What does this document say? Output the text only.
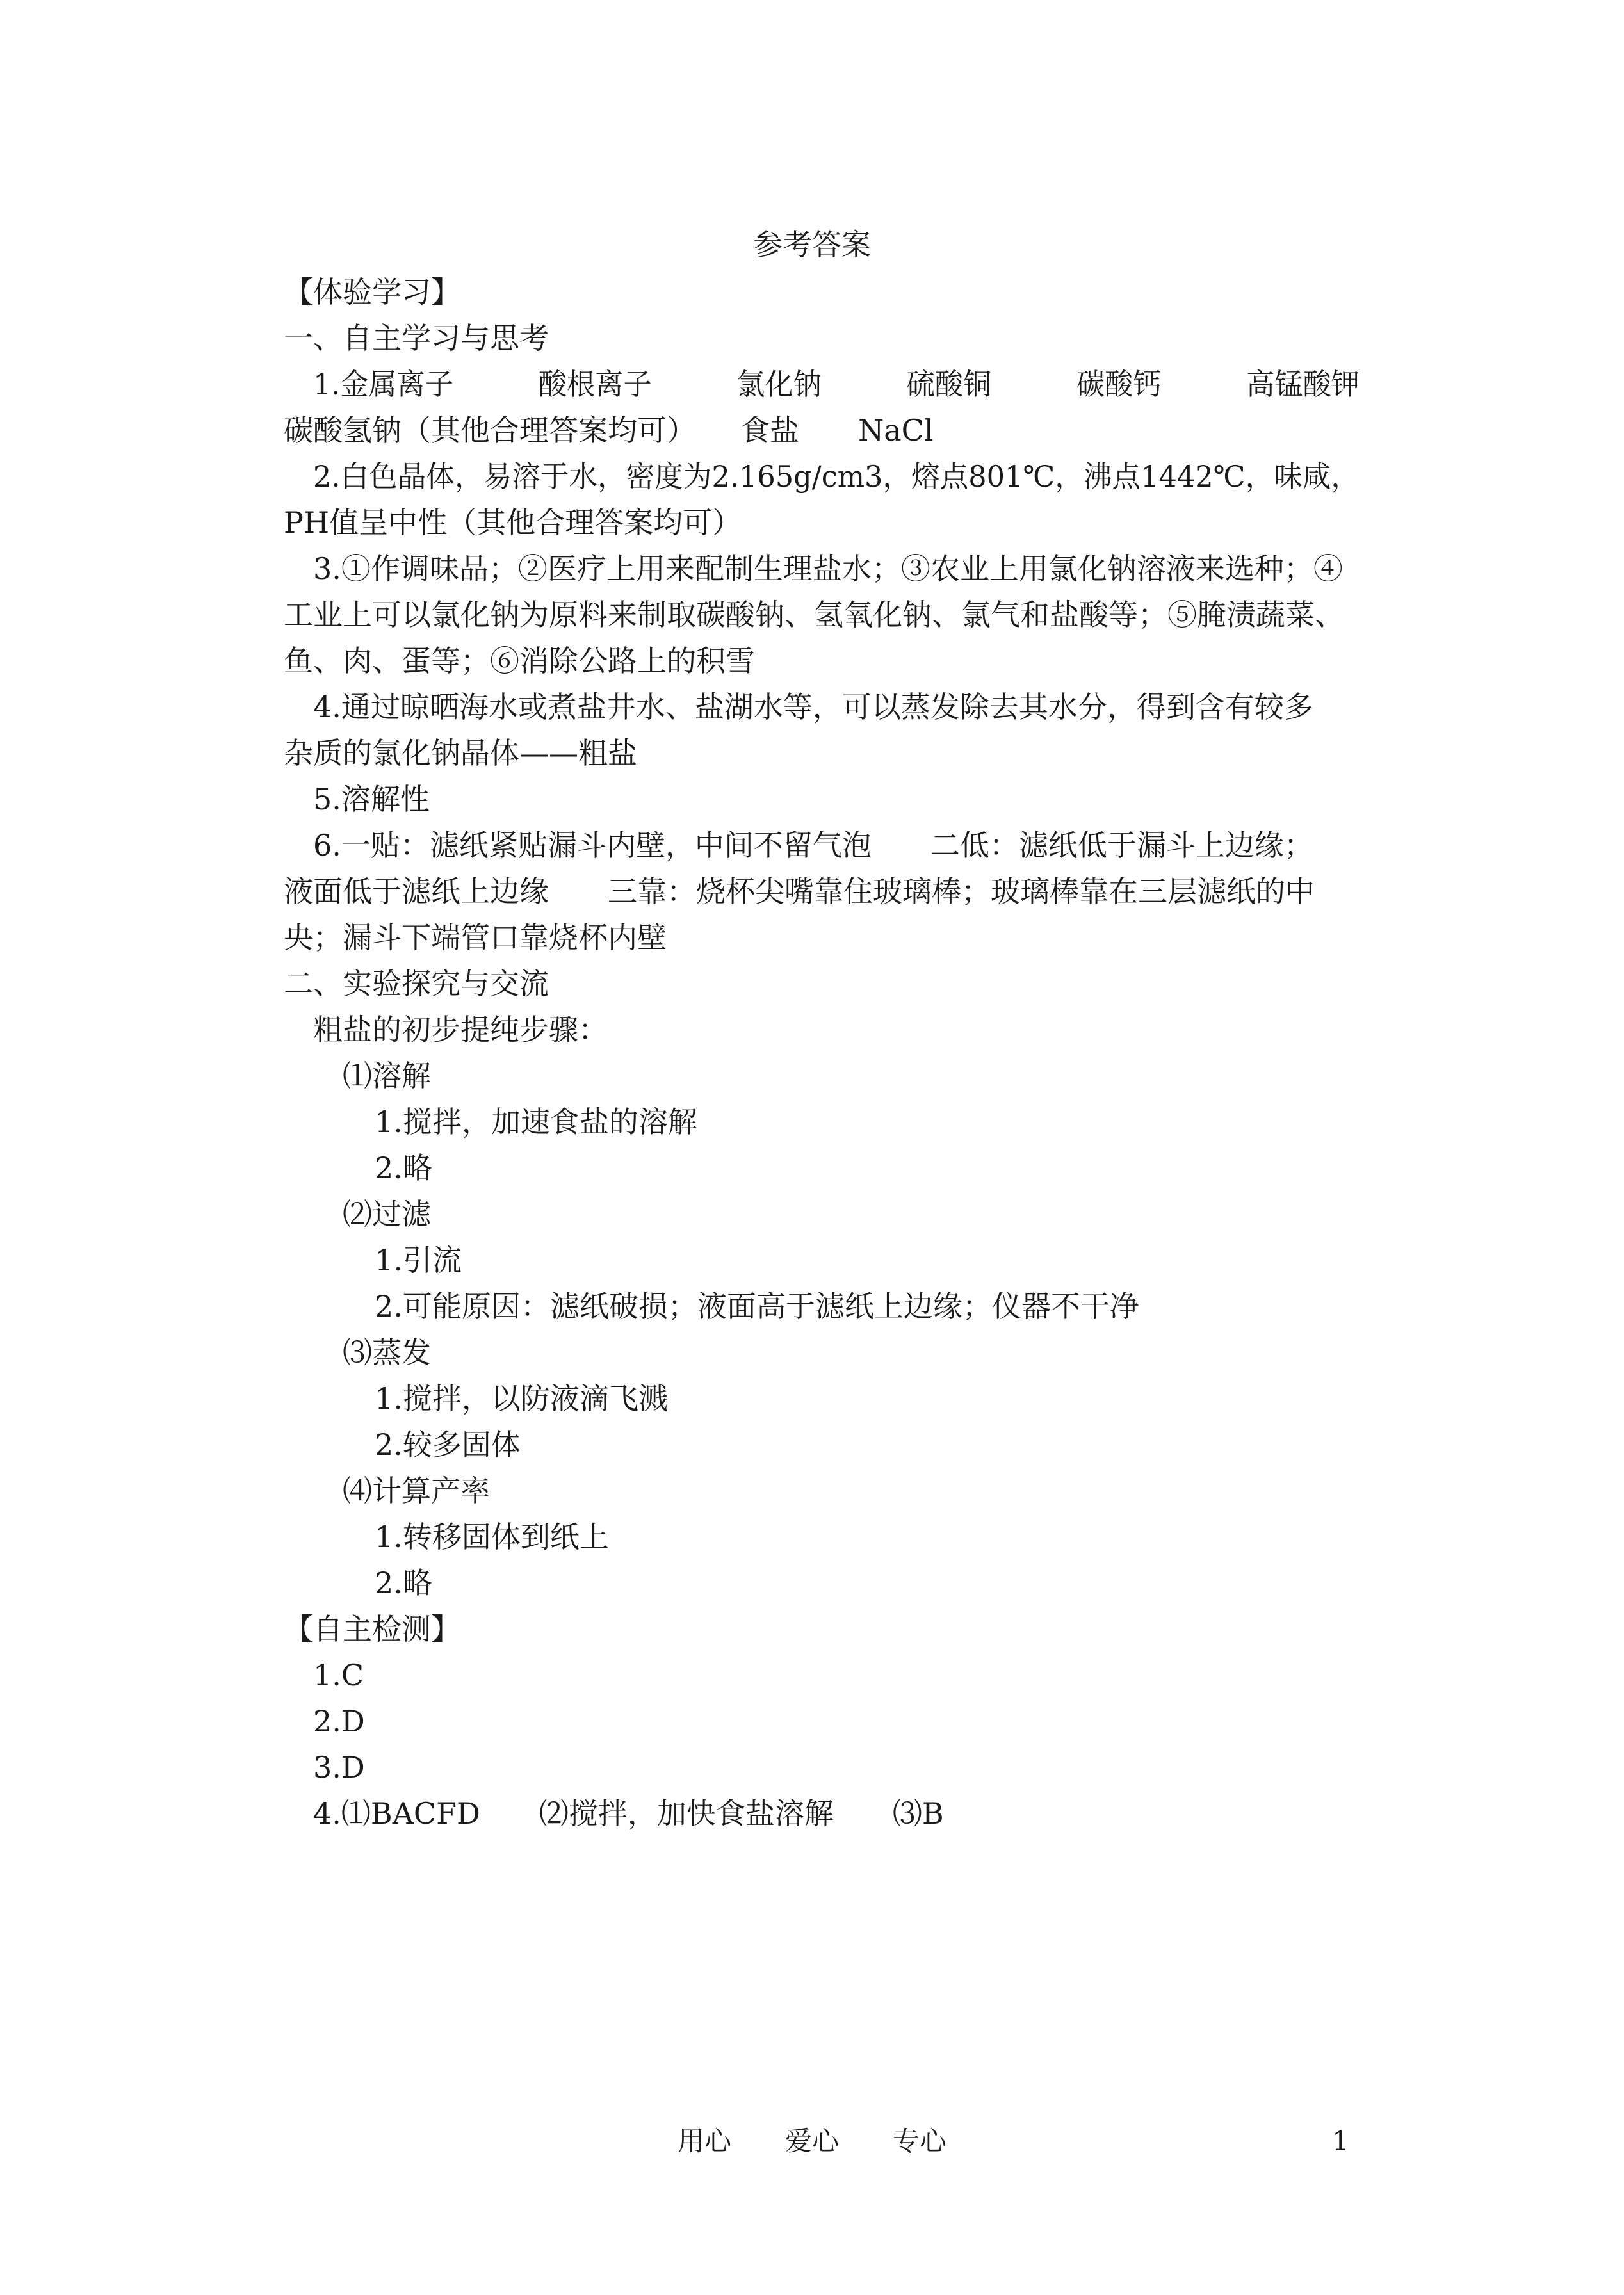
参考答案
【体验学习】
一、自主学习与思考
1.金属离子　　　酸根离子　　　氯化钠　　　硫酸铜　　　碳酸钙　　　高锰酸钾
碳酸氢钠（其他合理答案均可）　　食盐　　NaCl
2.白色晶体，易溶于水，密度为2.165g/cm3，熔点801℃，沸点1442℃，味咸，
PH值呈中性（其他合理答案均可）
3.①作调味品；②医疗上用来配制生理盐水；③农业上用氯化钠溶液来选种；④
工业上可以氯化钠为原料来制取碳酸钠、氢氧化钠、氯气和盐酸等；⑤腌渍蔬菜、
鱼、肉、蛋等；⑥消除公路上的积雪
4.通过晾晒海水或煮盐井水、盐湖水等，可以蒸发除去其水分，得到含有较多
杂质的氯化钠晶体——粗盐
5.溶解性
6.一贴：滤纸紧贴漏斗内壁，中间不留气泡　　二低：滤纸低于漏斗上边缘；
液面低于滤纸上边缘　　三靠：烧杯尖嘴靠住玻璃棒；玻璃棒靠在三层滤纸的中
央；漏斗下端管口靠烧杯内壁
二、实验探究与交流
粗盐的初步提纯步骤：
⑴溶解
1.搅拌，加速食盐的溶解
2.略
⑵过滤
1.引流
2.可能原因：滤纸破损；液面高于滤纸上边缘；仪器不干净
⑶蒸发
1.搅拌，以防液滴飞溅
2.较多固体
⑷计算产率
1.转移固体到纸上
2.略
【自主检测】
1.C
2.D
3.D
4.⑴BACFD　　⑵搅拌，加快食盐溶解　　⑶B
用心　　爱心　　专心	1
